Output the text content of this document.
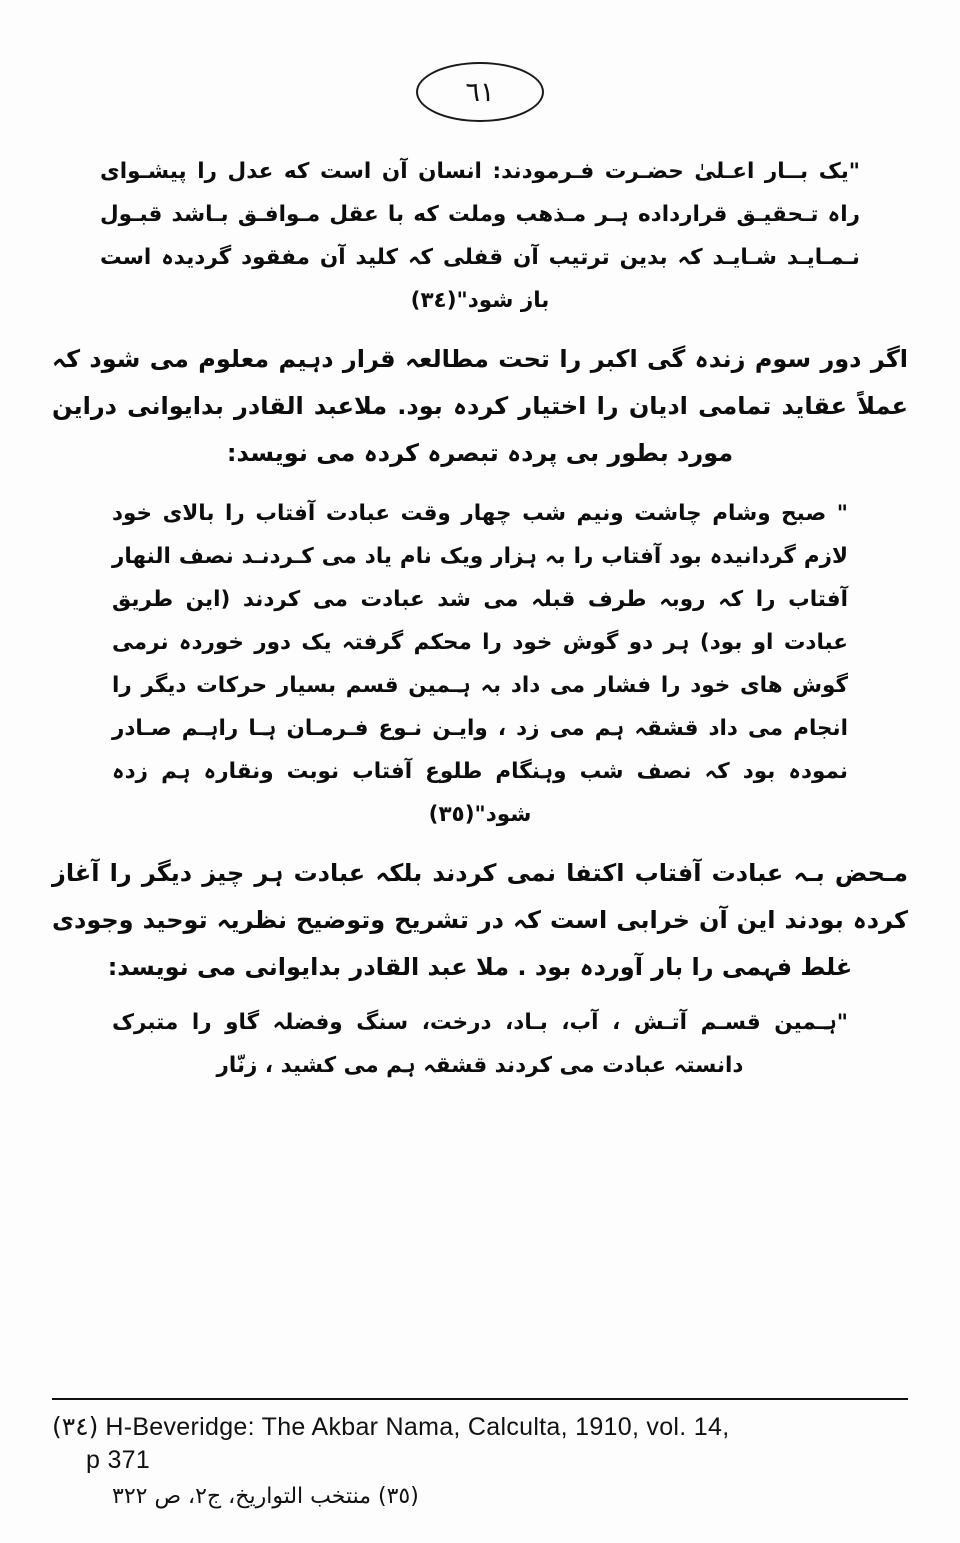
٦١

"یک بــار اعـلیٰ حضـرت فـرمودند: انسان آن است که عدل را پیشـوای راہ تـحقیـق قرارداده ہـر مـذهب وملت که با عقل مـوافـق بـاشد قبـول نـمـایـد شـایـد کہ بدین ترتیب آن قفلی کہ کلید آن مفقود گردیدہ است باز شود"(٣٤)

اگر دور سوم زندہ گی اکبر را تحت مطالعہ قرار دہیم معلوم می شود کہ عملاً عقاید تمامی ادیان را اختیار کردہ بود. ملاعبد القادر بدایوانی دراین مورد بطور بی پردہ تبصرہ کردہ می نویسد:

" صبح وشام چاشت ونیم شب چهار وقت عبادت آفتاب را بالای خود لازم گردانیدہ بود آفتاب را بہ ہزار ویک نام یاد می کـردنـد نصف النهار آفتاب را کہ روبہ طرف قبلہ می شد عبادت می کردند (این طریق عبادت او بود) ہر دو گوش خود را محکم گرفتہ یک دور خوردہ نرمی گوش های خود را فشار می داد بہ ہـمین قسم بسیار حرکات دیگر را انجام می داد قشقہ ہم می زد ، وایـن نـوع فـرمـان ہـا راہـم صـادر نمودہ بود کہ نصف شب وہنگام طلوع آفتاب نوبت ونقارہ ہم زدہ شود"(٣٥)

مـحض بـہ عبادت آفتاب اکتفا نمی کردند بلکہ عبادت ہر چیز دیگر را آغاز کردہ بودند این آن خرابی است کہ در تشریح وتوضیح نظریہ توحید وجودی غلط فہمی را بار آوردہ بود . ملا عبد القادر بدایوانی می نویسد:

"ہـمین قسـم آتـش ، آب، بـاد، درخت، سنگ وفضلہ گاو را متبرک دانستہ عبادت می کردند قشقہ ہم می کشید ، زنّار

(٣٤) H-Beveridge: The Akbar Nama, Calculta, 1910, vol. 14,
p 371
(٣٥) منتخب التواریخ، ج٢، ص ٣٢٢
